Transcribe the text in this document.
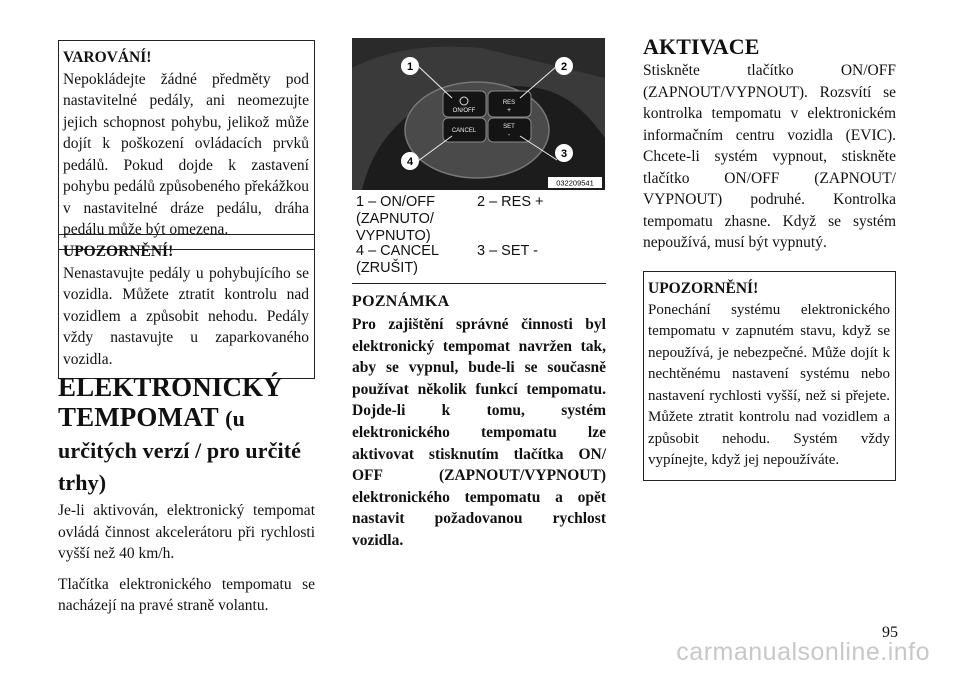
VAROVÁNÍ!
Nepokládejte žádné předměty pod nastavitelné pedály, ani neomezujte jejich schopnost pohybu, jelikož může dojít k poškození ovládacích prvků pedálů. Pokud dojde k zastavení pohybu pedálů způsobeného překážkou v nastavitelné dráze pedálu, dráha pedálu může být omezena.
UPOZORNĚNÍ!
Nenastavujte pedály u pohybujícího se vozidla. Můžete ztratit kontrolu nad vozidlem a způsobit nehodu. Pedály vždy nastavujte u zaparkovaného vozidla.
ELEKTRONICKÝ TEMPOMAT (u určitých verzí / pro určité trhy)

Je-li aktivován, elektronický tempomat ovládá činnost akcelerátoru při rychlosti vyšší než 40 km/h.

Tlačítka elektronického tempomatu se nacházejí na pravé straně volantu.

ON/OFF
RES
+
CANCEL
SET
-
1	2
3
4
032209541
1 – ON/OFF (ZAPNUTO/ VYPNUTO)
2 – RES +
4 – CANCEL (ZRUŠIT)
3 – SET -
POZNÁMKA
Pro zajištění správné činnosti byl elektronický tempomat navržen tak, aby se vypnul, bude-li se současně používat několik funkcí tempomatu. Dojde-li k tomu, systém elektronického tempomatu lze aktivovat stisknutím tlačítka ON/ OFF (ZAPNOUT/VYPNOUT) elektronického tempomatu a opět nastavit požadovanou rychlost vozidla.
AKTIVACE

Stiskněte tlačítko ON/OFF (ZAPNOUT/VYPNOUT). Rozsvítí se kontrolka tempomatu v elektronickém informačním centru vozidla (EVIC). Chcete-li systém vypnout, stiskněte tlačítko ON/OFF (ZAPNOUT/ VYPNOUT) podruhé. Kontrolka tempomatu zhasne. Když se systém nepoužívá, musí být vypnutý.

UPOZORNĚNÍ!
Ponechání systému elektronického tempomatu v zapnutém stavu, když se nepoužívá, je nebezpečné. Může dojít k nechtěnému nastavení systému nebo nastavení rychlosti vyšší, než si přejete. Můžete ztratit kontrolu nad vozidlem a způsobit nehodu. Systém vždy vypínejte, když jej nepoužíváte.
95
carmanualsonline.info
